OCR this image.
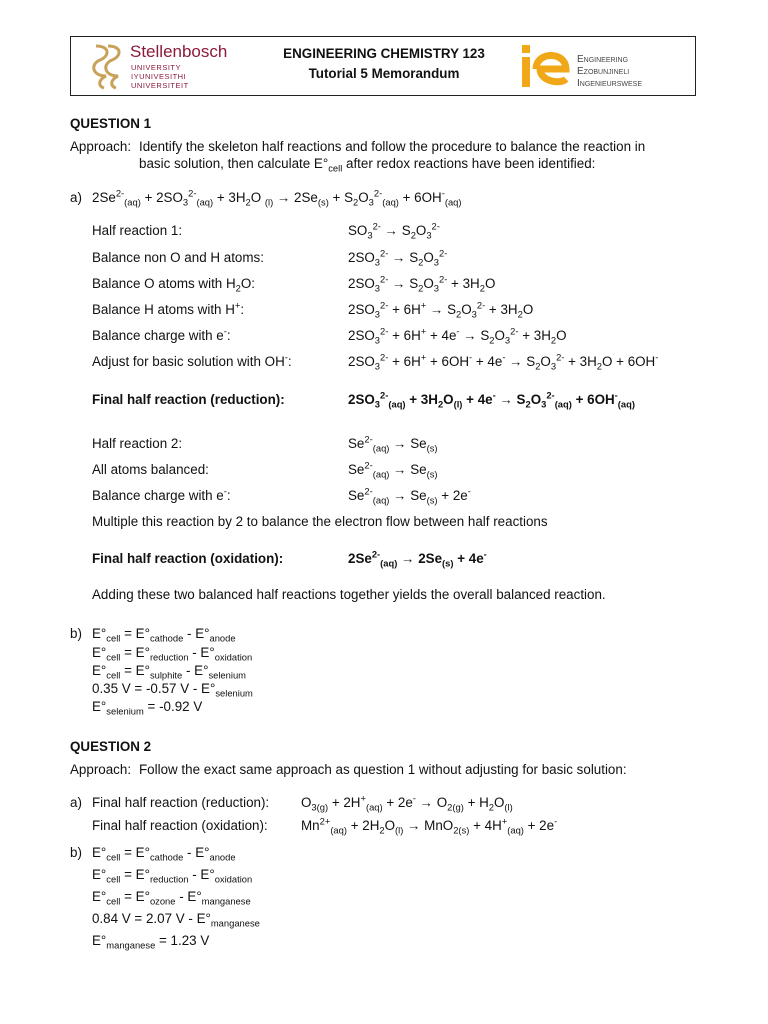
Stellenbosch
UNIVERSITY
IYUNIVESITHI
UNIVERSITEIT
ENGINEERING CHEMISTRY 123
Tutorial 5 Memorandum
Engineering
Ezobunjineli
Ingenieurswese
QUESTION 1
Approach: Identify the skeleton half reactions and follow the procedure to balance the reaction in
basic solution, then calculate $E^\circ_{cell}$ after redox reactions have been identified:
a) $2Se^{2-}_{(aq)} + 2SO_3^{2-}_{(aq)} + 3H_2O$ $_{(l)} \to 2Se_{(s)} + S_2O_3^{2-}_{(aq)} + 6OH^-_{(aq)}$
Half reaction 1:	$SO_3^{2-} \to S_2O_3^{2-}$
Balance non O and H atoms:	$2SO_3^{2-} \to S_2O_3^{2-}$
Balance O atoms with $H_2O$:	$2SO_3^{2-} \to S_2O_3^{2-} + 3H_2O$
Balance H atoms with H+:	$2SO_3^{2-} + 6H^+ \to S_2O_3^{2-} + 3H_2O$
Balance charge with e-:	$2SO_3^{2-} + 6H^+ + 4e^- \to S_2O_3^{2-} + 3H_2O$
Adjust for basic solution with OH-:	$2SO_3^{2-} + 6H^+ + 6OH^- + 4e^- \to S_2O_3^{2-} + 3H_2O + 6OH^-$
Final half reaction (reduction):	$2SO_3^{2-}_{(aq)} + 3H_2O_{(l)} + 4e^- \to S_2O_3^{2-}_{(aq)} + 6OH^-_{(aq)}$
Half reaction 2:	$Se^{2-}_{(aq)} \to Se_{(s)}$
All atoms balanced:	$Se^{2-}_{(aq)} \to Se_{(s)}$
Balance charge with e-:	$Se^{2-}_{(aq)} \to Se_{(s)} + 2e^-$
Multiple this reaction by 2 to balance the electron flow between half reactions
Final half reaction (oxidation):	$2Se^{2-}_{(aq)} \to 2Se_{(s)} + 4e^-$
Adding these two balanced half reactions together yields the overall balanced reaction.
b) $E^\circ_{cell} = E^\circ_{cathode} - E^\circ_{anode}$
$E^\circ_{cell} = E^\circ_{reduction} - E^\circ_{oxidation}$
$E^\circ_{cell} = E^\circ_{sulphite} - E^\circ_{selenium}$
0.35 V = -0.57 V - $E^\circ_{selenium}$
$E^\circ_{selenium} = -0.92$ V
QUESTION 2
Approach: Follow the exact same approach as question 1 without adjusting for basic solution:
a) Final half reaction (reduction): $O_{3(g)} + 2H^+_{(aq)} + 2e^- \to O_{2(g)} + H_2O_{(l)}$
Final half reaction (oxidation): $Mn^{2+}_{(aq)} + 2H_2O_{(l)} \to MnO_{2(s)} + 4H^+_{(aq)} + 2e^-$
b) $E^\circ_{cell} = E^\circ_{cathode} - E^\circ_{anode}$
$E^\circ_{cell} = E^\circ_{reduction} - E^\circ_{oxidation}$
$E^\circ_{cell} = E^\circ_{ozone} - E^\circ_{manganese}$
0.84 V = 2.07 V - $E^\circ_{manganese}$
$E^\circ_{manganese} = 1.23$ V
